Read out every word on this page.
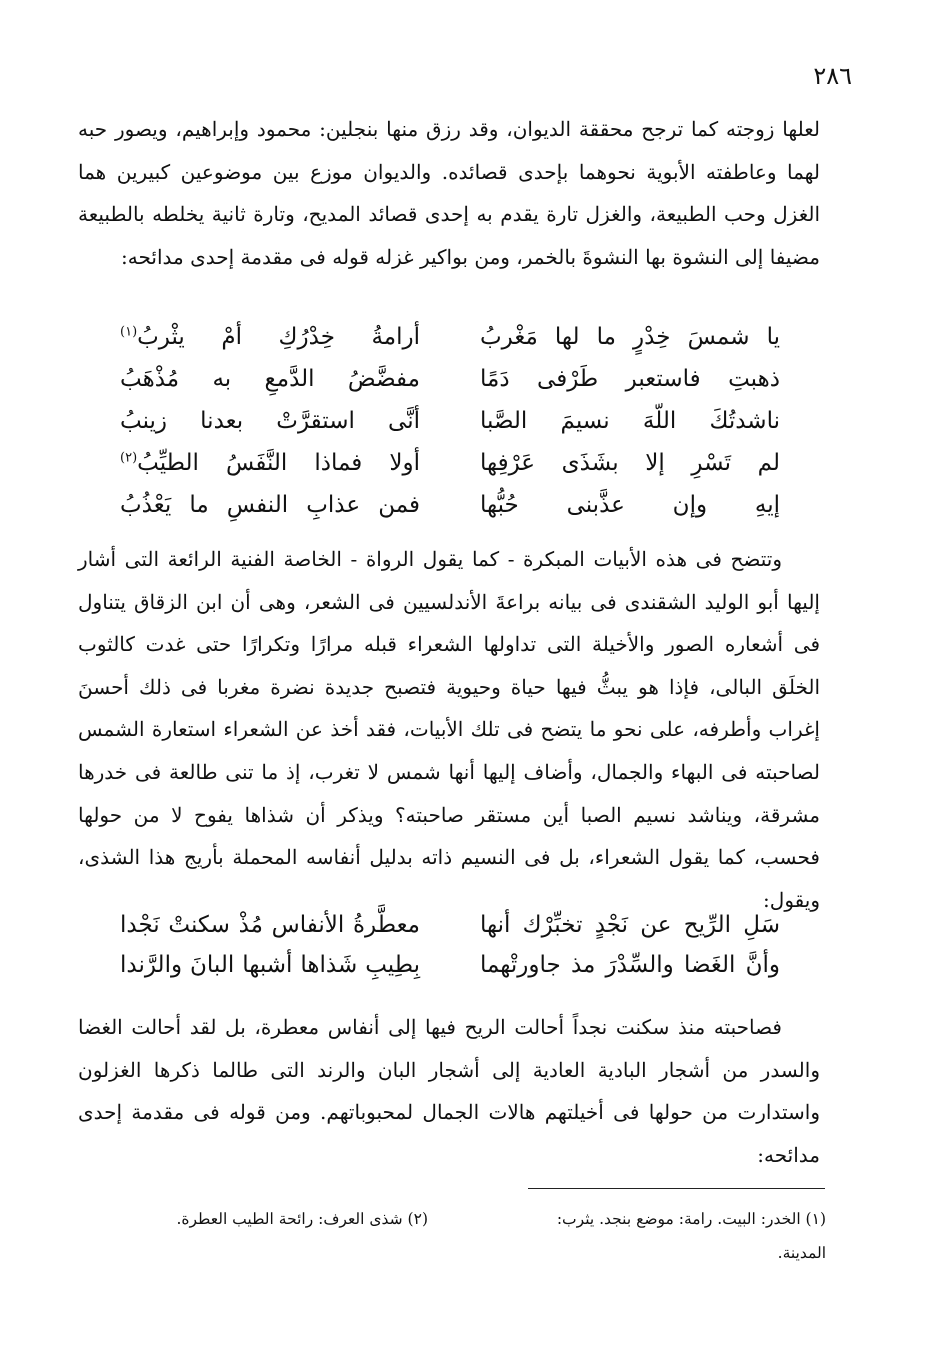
٢٨٦

لعلها زوجته كما ترجح محققة الديوان، وقد رزق منها بنجلين: محمود وإبراهيم، ويصور حبه لهما وعاطفته الأبوية نحوهما بإحدى قصائده. والديوان موزع بين موضوعين كبيرين هما الغزل وحب الطبيعة، والغزل تارة يقدم به إحدى قصائد المديح، وتارة ثانية يخلطه بالطبيعة مضيفا إلى النشوة بها النشوةَ بالخمر، ومن بواكير غزله قوله فى مقدمة إحدى مدائحه:

يا شمسَ خِدْرٍ ما لها مَغْربُ
أرامةُ خِدْرُكِ أمْ يثْربُ$^{(١)}$
ذهبتِ فاستعبر طَرْفى دَمًا
مفضَّضُ الدَّمعِ به مُذْهَبُ
ناشدتُكَ اللّهَ نسيمَ الصَّبا
أنَّى استقرَّتْ بعدنا زينبُ
لم تَسْرِ إلا بشَذَى عَرْفِها
أولا فماذا النَّفَسُ الطيِّبُ$^{(٢)}$
إيهِ وإن عذَّبنى حُبُّها
فمن عذابِ النفسِ ما يَعْذُبُ

وتتضح فى هذه الأبيات المبكرة - كما يقول الرواة - الخاصة الفنية الرائعة التى أشار إليها أبو الوليد الشقندى فى بيانه براعةَ الأندلسيين فى الشعر، وهى أن ابن الزقاق يتناول فى أشعاره الصور والأخيلة التى تداولها الشعراء قبله مرارًا وتكرارًا حتى غدت كالثوب الخلَق البالى، فإذا هو يبثُّ فيها حياة وحيوية فتصبح جديدة نضرة مغربا فى ذلك أحسنَ إغراب وأطرفه، على نحو ما يتضح فى تلك الأبيات، فقد أخذ عن الشعراء استعارة الشمس لصاحبته فى البهاء والجمال، وأضاف إليها أنها شمس لا تغرب، إذ ما تنى طالعة فى خدرها مشرقة، ويناشد نسيم الصبا أين مستقر صاحبته؟ ويذكر أن شذاها يفوح لا من حولها فحسب، كما يقول الشعراء، بل فى النسيم ذاته بدليل أنفاسه المحملة بأريج هذا الشذى، ويقول:

سَلِ الرِّيح عن نَجْدٍ تخبِّرْك أنها
معطَّرةُ الأنفاس مُذْ سكنتْ نَجْدا
وأنَّ الغَضا والسِّدْرَ مذ جاورتْهما
بِطِيبِ شَذاها أشبها البانَ والرَّندا

فصاحبته منذ سكنت نجداً أحالت الريح فيها إلى أنفاس معطرة، بل لقد أحالت الغضا والسدر من أشجار البادية العادية إلى أشجار البان والرند التى طالما ذكرها الغزلون واستدارت من حولها فى أخيلتهم هالات الجمال لمحبوباتهم. ومن قوله فى مقدمة إحدى مدائحه:

(١) الخدر: البيت. رامة: موضع بنجد. يثرب:
(٢) شذى العرف: رائحة الطيب العطرة.
المدينة.
